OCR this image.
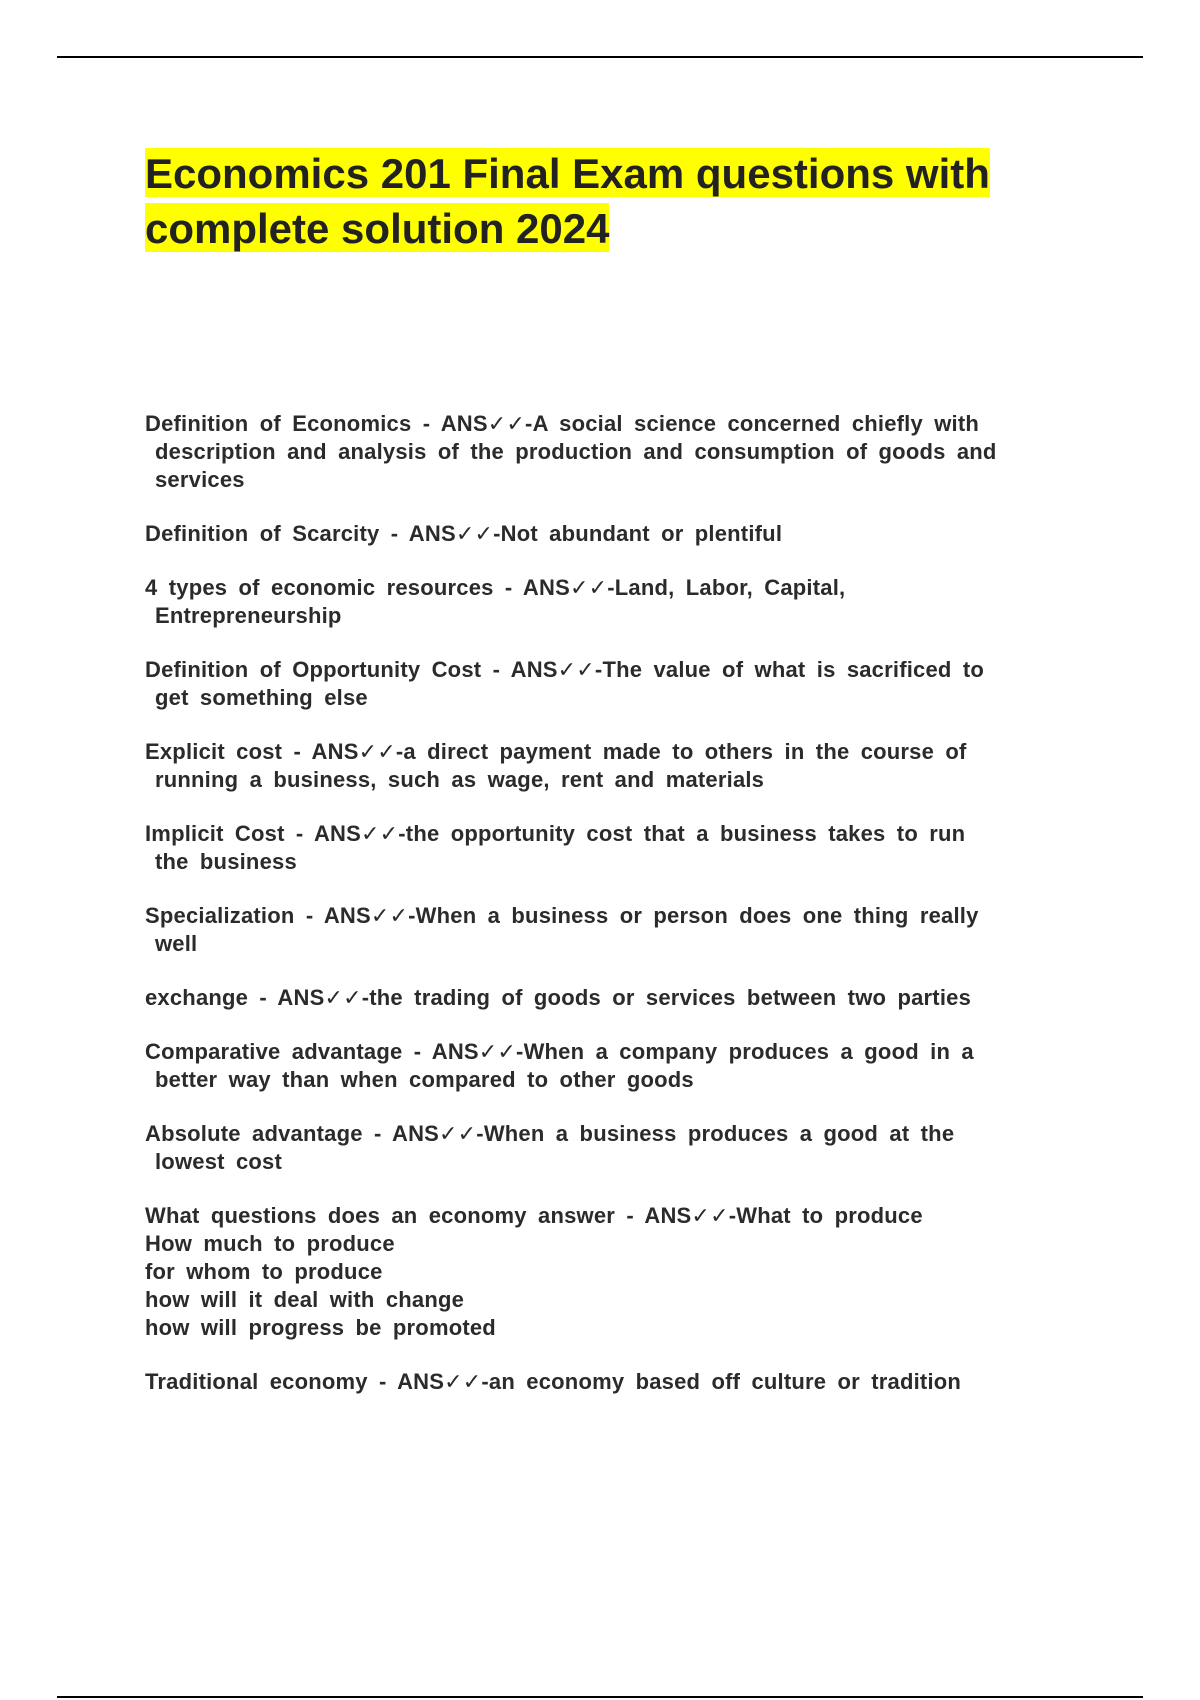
Economics 201 Final Exam questions with
complete solution 2024

Definition of Economics - ANS✓✓-A social science concerned chiefly with
description and analysis of the production and consumption of goods and
services

Definition of Scarcity - ANS✓✓-Not abundant or plentiful

4 types of economic resources - ANS✓✓-Land, Labor, Capital,
Entrepreneurship

Definition of Opportunity Cost - ANS✓✓-The value of what is sacrificed to
get something else

Explicit cost - ANS✓✓-a direct payment made to others in the course of
running a business, such as wage, rent and materials

Implicit Cost - ANS✓✓-the opportunity cost that a business takes to run
the business

Specialization - ANS✓✓-When a business or person does one thing really
well

exchange - ANS✓✓-the trading of goods or services between two parties

Comparative advantage - ANS✓✓-When a company produces a good in a
better way than when compared to other goods

Absolute advantage - ANS✓✓-When a business produces a good at the
lowest cost

What questions does an economy answer - ANS✓✓-What to produce
How much to produce
for whom to produce
how will it deal with change
how will progress be promoted

Traditional economy - ANS✓✓-an economy based off culture or tradition
